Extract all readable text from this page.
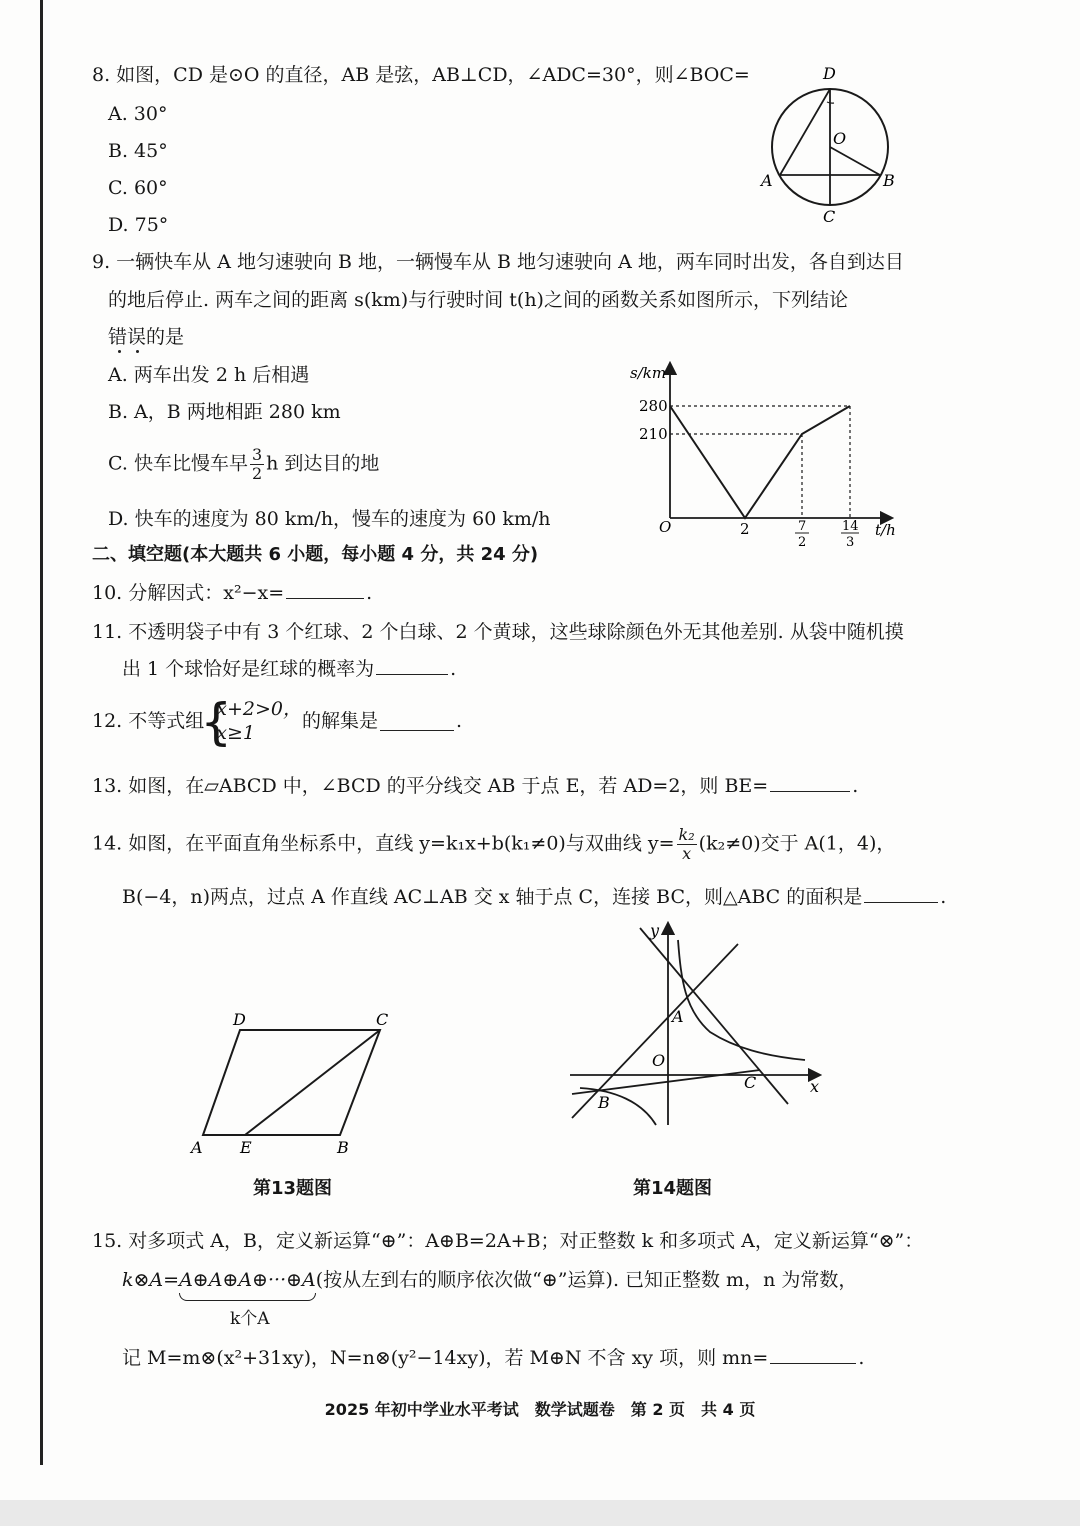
8. 如图，CD 是⊙O 的直径，AB 是弦，AB⊥CD，∠ADC=30°，则∠BOC=
A. 30°
B. 45°
C. 60°
D. 75°
D
O
A	B
C
9. 一辆快车从 A 地匀速驶向 B 地，一辆慢车从 B 地匀速驶向 A 地，两车同时出发，各自到达目
的地后停止. 两车之间的距离 s(km)与行驶时间 t(h)之间的函数关系如图所示，下列结论
错误的是
A. 两车出发 2 h 后相遇
B. A，B 两地相距 280 km
C. 快车比慢车早 $\frac{3}{2}$ h 到达目的地
D. 快车的速度为 80 km/h，慢车的速度为 60 km/h
s/km
280
210
O	2	7
2
14
3
t/h
二、填空题(本大题共 6 小题，每小题 4 分，共 24 分)
10. 分解因式：x²−x=	.
11. 不透明袋子中有 3 个红球、2 个白球、2 个黄球，这些球除颜色外无其他差别. 从袋中随机摸
出 1 个球恰好是红球的概率为	.
12. 不等式组
{ x+2>0，
x≥1
的解集是	.
13. 如图，在▱ABCD 中，∠BCD 的平分线交 AB 于点 E，若 AD=2，则 BE=	.
14. 如图，在平面直角坐标系中，直线 y=k₁x+b(k₁≠0)与双曲线 $y= \frac{\text{k₂}}{x} (k_2\ne 0)$交于 A(1，4)，
B(−4，n)两点，过点 A 作直线 AC⊥AB 交 x 轴于点 C，连接 BC，则△ABC 的面积是	.
D	C
A E	B
第13题图
y
x
O
A
B
C
第14题图
15. 对多项式 A，B，定义新运算“⊕”：A⊕B=2A+B；对正整数 k 和多项式 A，定义新运算“⊗”：
k⊗A=A⊕A⊕A⊕···⊕A(按从左到右的顺序依次做“⊕”运算). 已知正整数 m，n 为常数，
k个A
记 M=m⊗(x²+31xy)，N=n⊗(y²−14xy)，若 M⊕N 不含 xy 项，则 mn=	.
2025 年初中学业水平考试　数学试题卷　第 2 页　共 4 页
